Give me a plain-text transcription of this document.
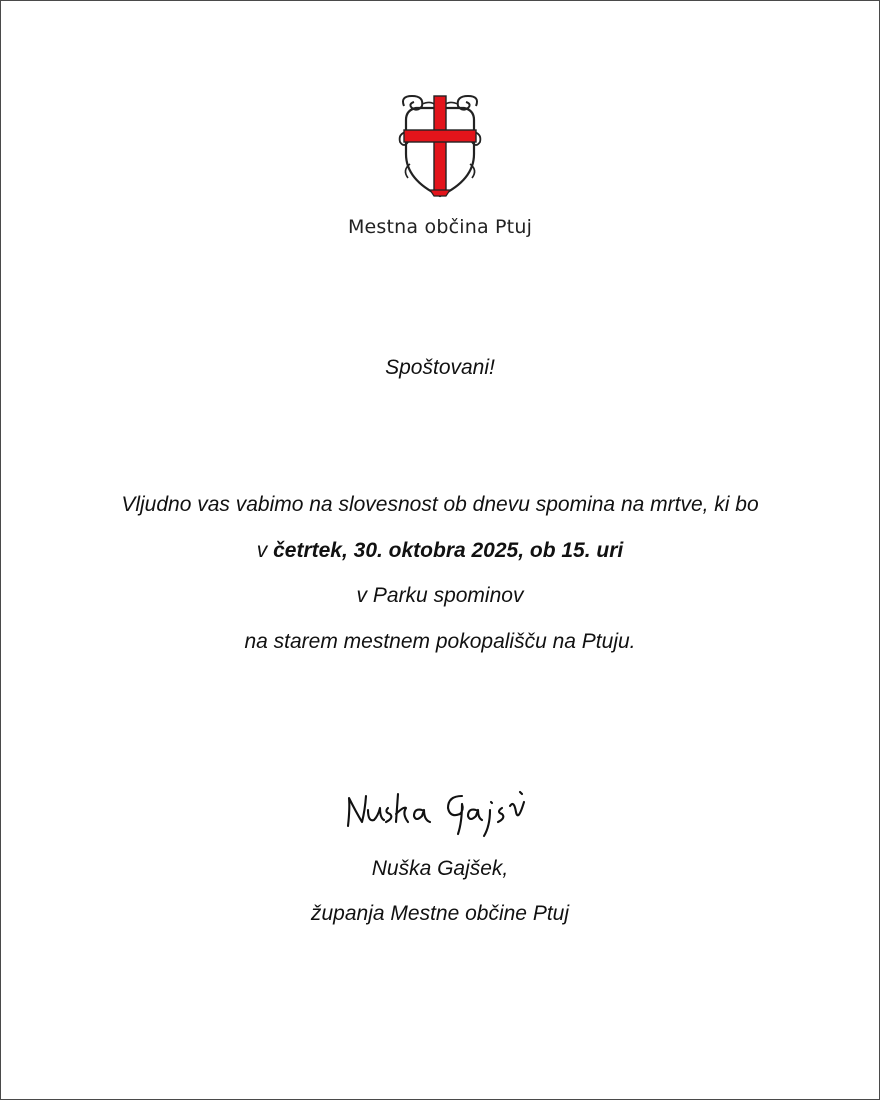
Mestna občina Ptuj
Spoštovani!
Vljudno vas vabimo na slovesnost ob dnevu spomina na mrtve, ki bo
v četrtek, 30. oktobra 2025, ob 15. uri
v Parku spominov
na starem mestnem pokopališču na Ptuju.
Nuška Gajšek,
županja Mestne občine Ptuj
